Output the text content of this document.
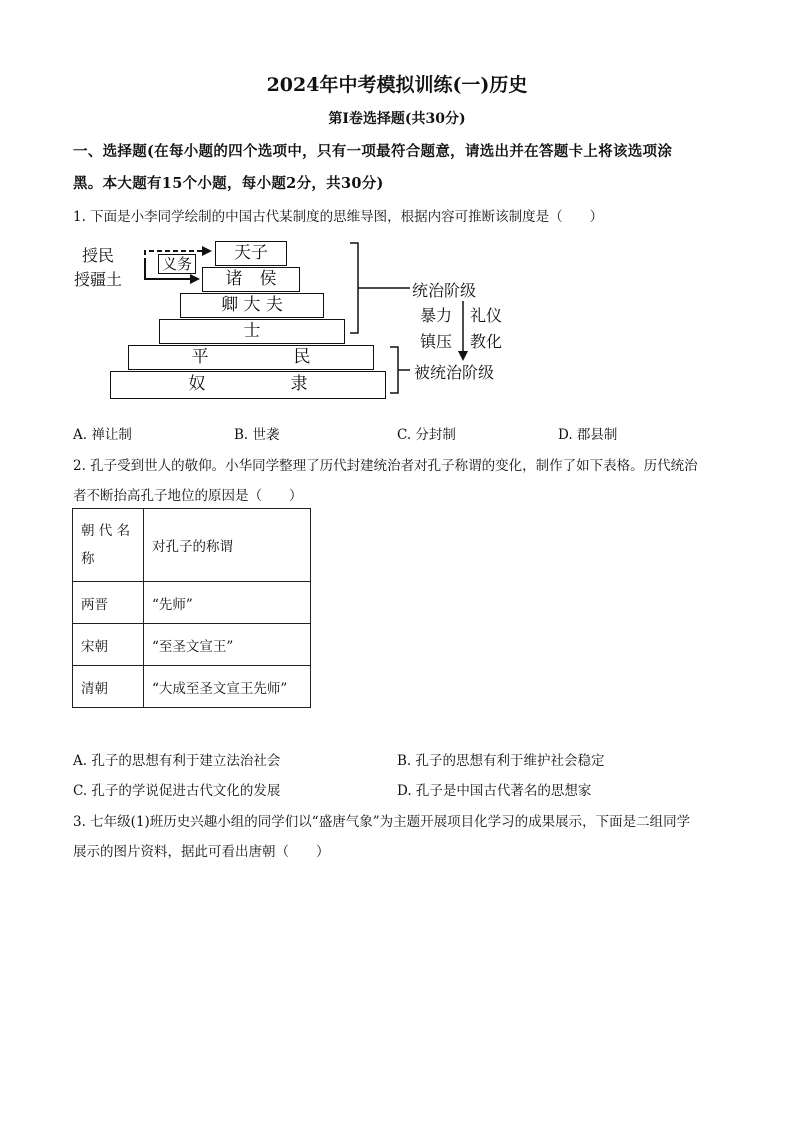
2024年中考模拟训练(一)历史
第Ⅰ卷选择题(共30分)
一、选择题(在每小题的四个选项中，只有一项最符合题意，请选出并在答题卡上将该选项涂
黑。本大题有15个小题，每小题2分，共30分)
1. 下面是小李同学绘制的中国古代某制度的思维导图，根据内容可推断该制度是（　　）
授民
授疆土
义务
天子
诸　侯
卿 大 夫
士
平　　　　　民
奴　　　　　隶
统治阶级
暴力
镇压
礼仪
教化
被统治阶级
A. 禅让制	B. 世袭	C. 分封制	D. 郡县制
2. 孔子受到世人的敬仰。小华同学整理了历代封建统治者对孔子称谓的变化，制作了如下表格。历代统治
者不断抬高孔子地位的原因是（　　）
朝 代 名
称	对孔子的称谓
两晋	“先师”
宋朝	“至圣文宣王”
清朝	“大成至圣文宣王先师”
A. 孔子的思想有利于建立法治社会	B. 孔子的思想有利于维护社会稳定
C. 孔子的学说促进古代文化的发展	D. 孔子是中国古代著名的思想家
3. 七年级(1)班历史兴趣小组的同学们以“盛唐气象”为主题开展项目化学习的成果展示，下面是二组同学
展示的图片资料，据此可看出唐朝（　　）
